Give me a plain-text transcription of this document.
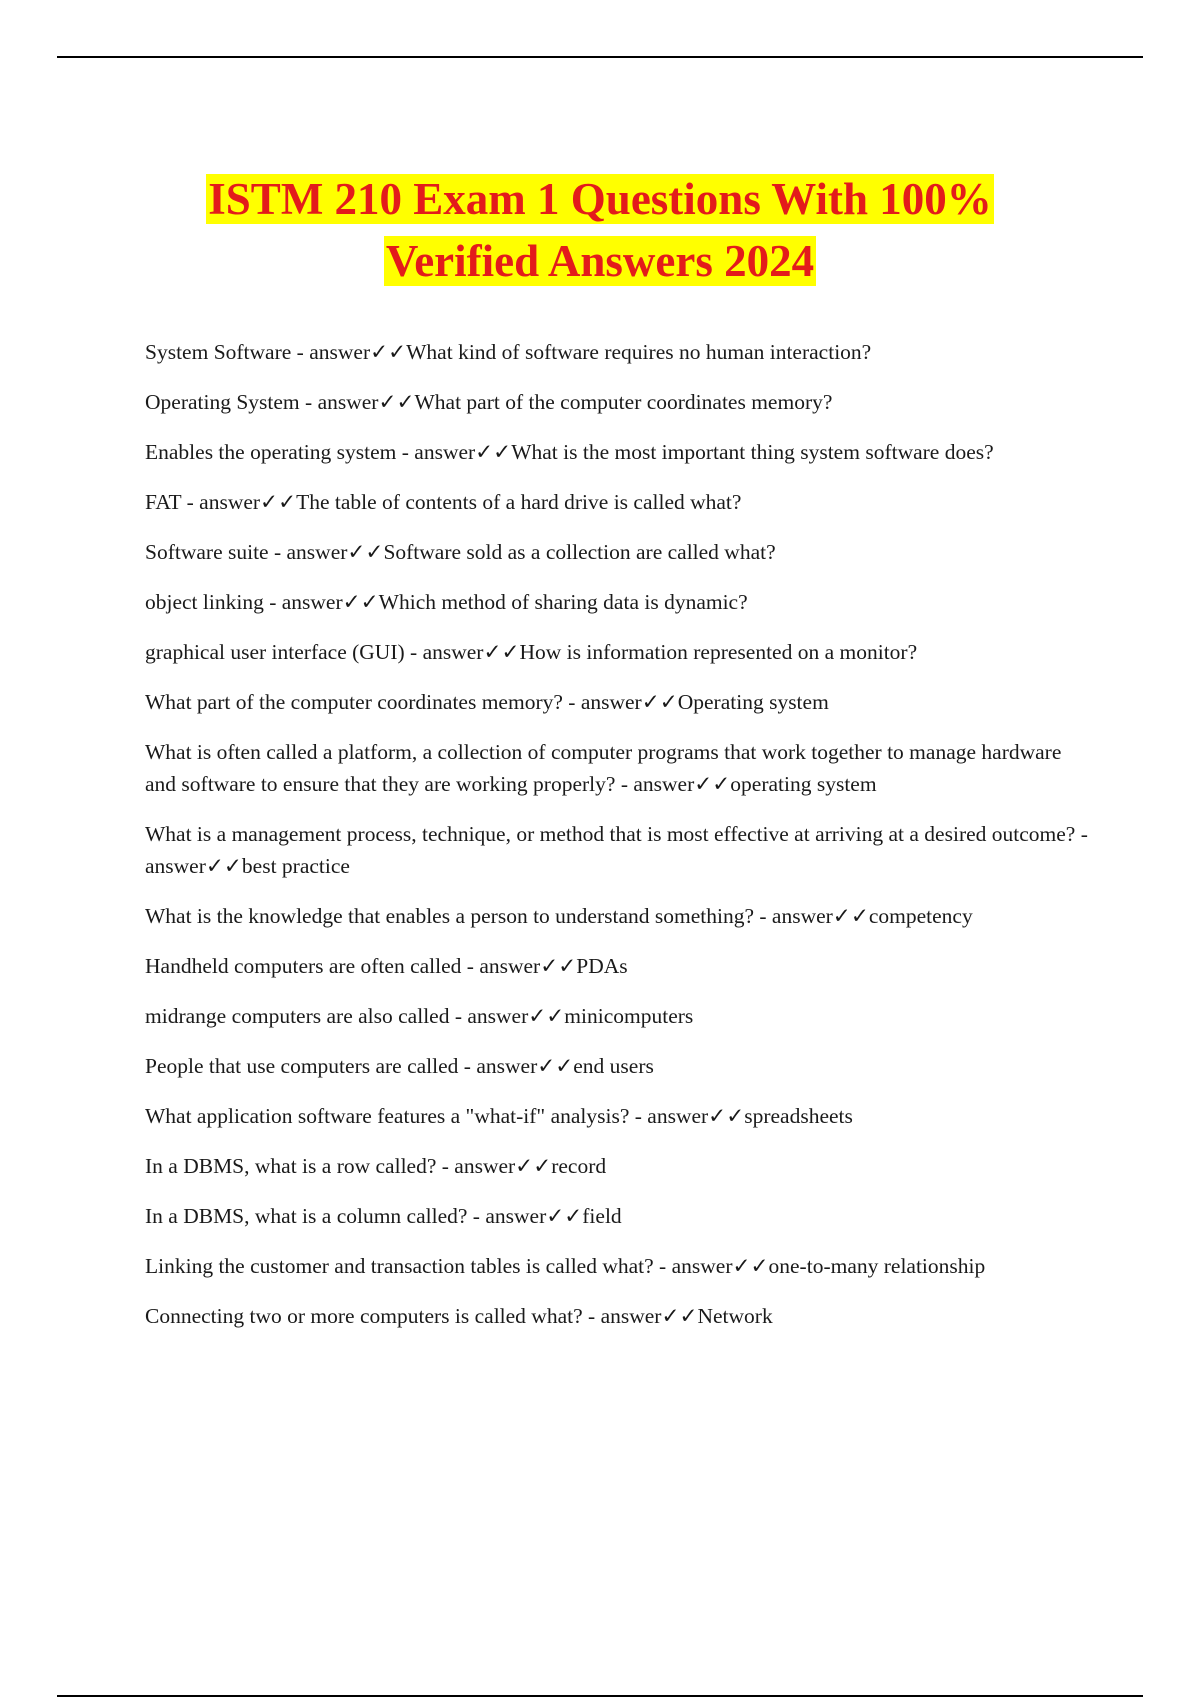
ISTM 210 Exam 1 Questions With 100%
Verified Answers 2024
System Software - answer✓✓What kind of software requires no human interaction?
Operating System - answer✓✓What part of the computer coordinates memory?
Enables the operating system - answer✓✓What is the most important thing system software does?
FAT - answer✓✓The table of contents of a hard drive is called what?
Software suite - answer✓✓Software sold as a collection are called what?
object linking - answer✓✓Which method of sharing data is dynamic?
graphical user interface (GUI) - answer✓✓How is information represented on a monitor?
What part of the computer coordinates memory? - answer✓✓Operating system
What is often called a platform, a collection of computer programs that work together to manage hardware and software to ensure that they are working properly? - answer✓✓operating system
What is a management process, technique, or method that is most effective at arriving at a desired outcome? - answer✓✓best practice
What is the knowledge that enables a person to understand something? - answer✓✓competency
Handheld computers are often called - answer✓✓PDAs
midrange computers are also called - answer✓✓minicomputers
People that use computers are called - answer✓✓end users
What application software features a "what-if" analysis? - answer✓✓spreadsheets
In a DBMS, what is a row called? - answer✓✓record
In a DBMS, what is a column called? - answer✓✓field
Linking the customer and transaction tables is called what? - answer✓✓one-to-many relationship
Connecting two or more computers is called what? - answer✓✓Network
